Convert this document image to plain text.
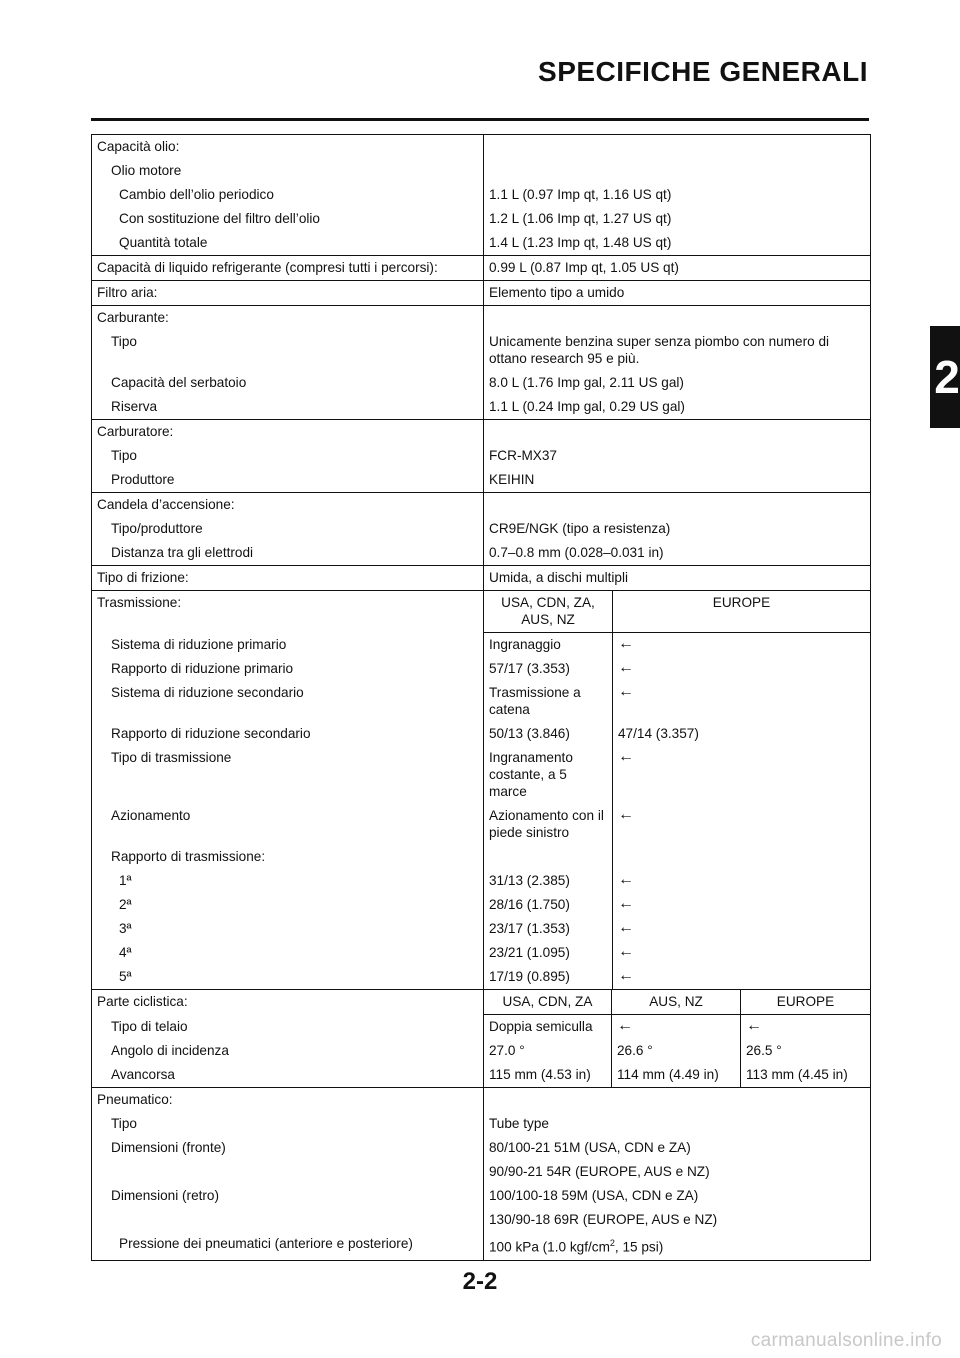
SPECIFICHE GENERALI
2
Capacità olio:			
Olio motore			
Cambio dell’olio periodico	1.1 L (0.97 Imp qt, 1.16 US qt)		
Con sostituzione del filtro dell’olio	1.2 L (1.06 Imp qt, 1.27 US qt)		
Quantità totale	1.4 L (1.23 Imp qt, 1.48 US qt)		
Capacità di liquido refrigerante (compresi tutti i percorsi):	0.99 L (0.87 Imp qt, 1.05 US qt)		
Filtro aria:	Elemento tipo a umido		
Carburante:			
Tipo	Unicamente benzina super senza piombo con numero di ottano research 95 e più.		
Capacità del serbatoio	8.0 L (1.76 Imp gal, 2.11 US gal)		
Riserva	1.1 L (0.24 Imp gal, 0.29 US gal)		
Carburatore:			
Tipo	FCR-MX37		
Produttore	KEIHIN		
Candela d’accensione:			
Tipo/produttore	CR9E/NGK (tipo a resistenza)		
Distanza tra gli elettrodi	0.7–0.8 mm (0.028–0.031 in)		
Tipo di frizione:	Umida, a dischi multipli		
Trasmissione:	USA, CDN, ZA, AUS, NZ	EUROPE	
Sistema di riduzione primario	Ingranaggio	←	
Rapporto di riduzione primario	57/17 (3.353)	←	
Sistema di riduzione secondario	Trasmissione a catena	←	
Rapporto di riduzione secondario	50/13 (3.846)	47/14 (3.357)	
Tipo di trasmissione	Ingranamento costante, a 5 marce	←	
Azionamento	Azionamento con il piede sinistro	←	
Rapporto di trasmissione:			
1ª	31/13 (2.385)	←	
2ª	28/16 (1.750)	←	
3ª	23/17 (1.353)	←	
4ª	23/21 (1.095)	←	
5ª	17/19 (0.895)	←	
Parte ciclistica:	USA, CDN, ZA	AUS, NZ	EUROPE
Tipo di telaio	Doppia semiculla	←	←
Angolo di incidenza	27.0 °	26.6 °	26.5 °
Avancorsa	115 mm (4.53 in)	114 mm (4.49 in)	113 mm (4.45 in)
Pneumatico:			
Tipo	Tube type		
Dimensioni (fronte)	80/100-21 51M (USA, CDN e ZA)		
	90/90-21 54R (EUROPE, AUS e NZ)		
Dimensioni (retro)	100/100-18 59M (USA, CDN e ZA)		
	130/90-18 69R (EUROPE, AUS e NZ)		
Pressione dei pneumatici (anteriore e posteriore)	100 kPa (1.0 kgf/$cm^2$, 15 psi)		
2-2
carmanualsonline.info
